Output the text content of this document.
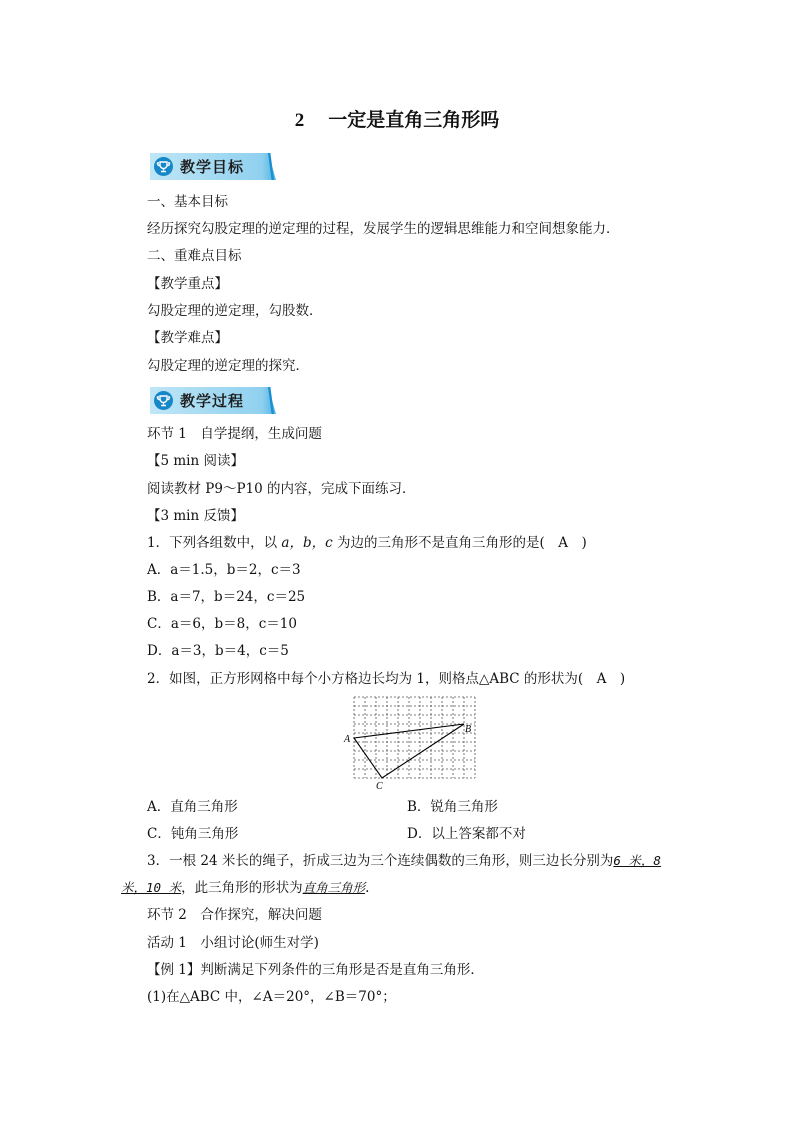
2 一定是直角三角形吗
教学目标
一、基本目标
经历探究勾股定理的逆定理的过程，发展学生的逻辑思维能力和空间想象能力．
二、重难点目标
【教学重点】
勾股定理的逆定理，勾股数．
【教学难点】
勾股定理的逆定理的探究．
教学过程
环节 1　自学提纲，生成问题
【5 min 阅读】
阅读教材 P9～P10 的内容，完成下面练习．
【3 min 反馈】
1．下列各组数中，以 a，b，c 为边的三角形不是直角三角形的是(　A　)
A．a＝1.5，b＝2，c＝3
B．a＝7，b＝24，c＝25
C．a＝6，b＝8，c＝10
D．a＝3，b＝4，c＝5
2．如图，正方形网格中每个小方格边长均为 1，则格点△ABC 的形状为(　A　)
A
B
C
A．直角三角形	B．锐角三角形
C．钝角三角形	D．以上答案都不对
3．一根 24 米长的绳子，折成三边为三个连续偶数的三角形，则三边长分别为6 米，8
米，10 米，此三角形的形状为直角三角形.
环节 2　合作探究，解决问题
活动 1　小组讨论(师生对学)
【例 1】判断满足下列条件的三角形是否是直角三角形．
(1)在△ABC 中，∠A＝20°，∠B＝70°；
